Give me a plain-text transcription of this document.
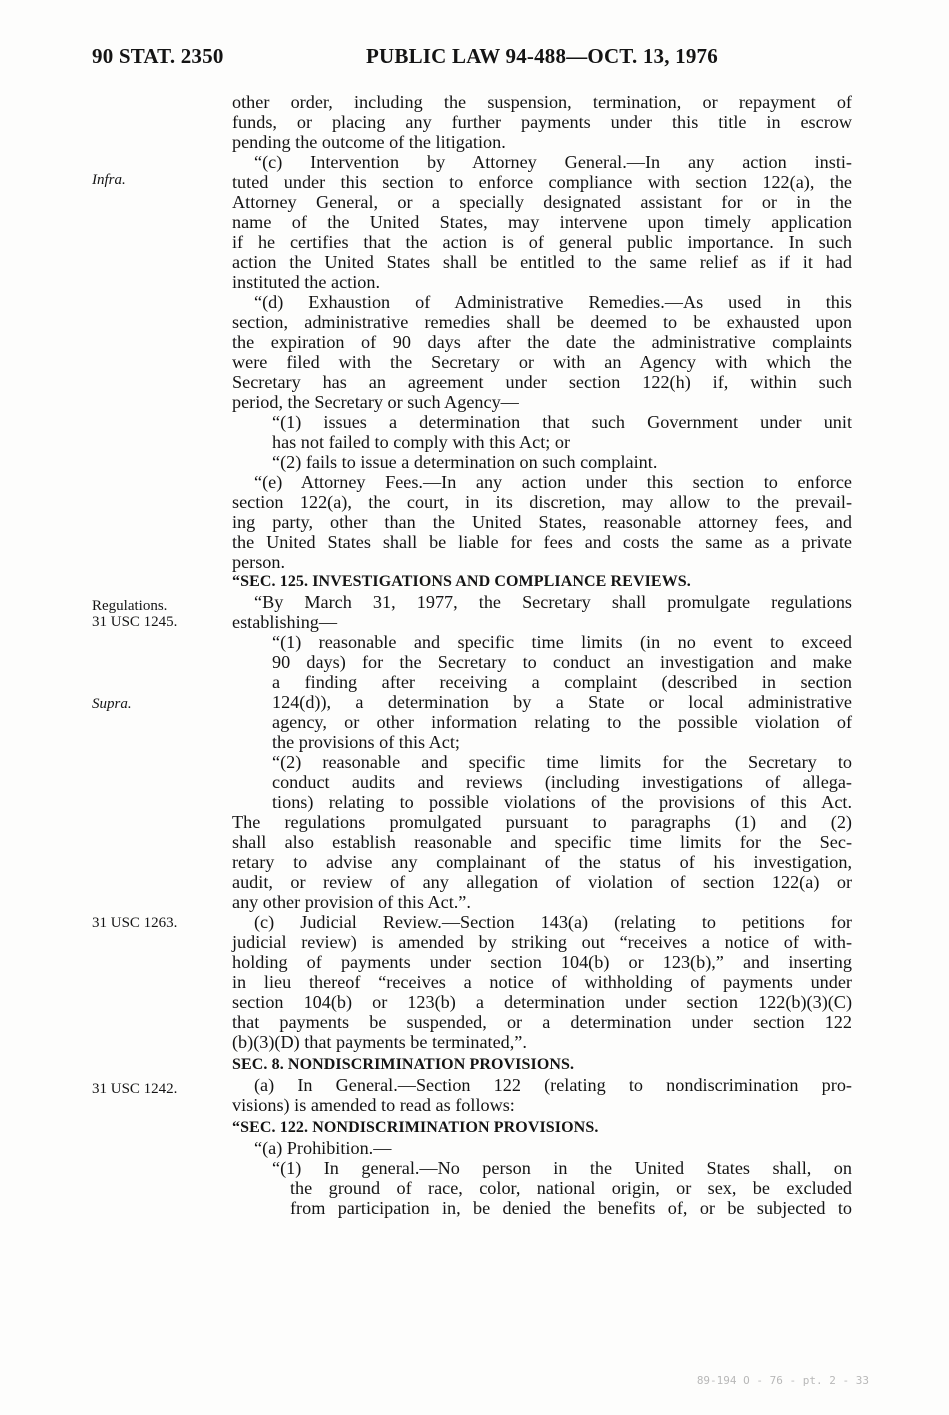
90 STAT. 2350	PUBLIC LAW 94-488—OCT. 13, 1976
Infra.
Regulations.
31 USC 1245.
Supra.
31 USC 1263.
31 USC 1242.
other order, including the suspension, termination, or repayment of
funds, or placing any further payments under this title in escrow
pending the outcome of the litigation.
“(c) Intervention by Attorney General.—In any action insti-
tuted under this section to enforce compliance with section 122(a), the
Attorney General, or a specially designated assistant for or in the
name of the United States, may intervene upon timely application
if he certifies that the action is of general public importance. In such
action the United States shall be entitled to the same relief as if it had
instituted the action.
“(d) Exhaustion of Administrative Remedies.—As used in this
section, administrative remedies shall be deemed to be exhausted upon
the expiration of 90 days after the date the administrative complaints
were filed with the Secretary or with an Agency with which the
Secretary has an agreement under section 122(h) if, within such
period, the Secretary or such Agency—
“(1) issues a determination that such Government under unit
has not failed to comply with this Act; or
“(2) fails to issue a determination on such complaint.
“(e) Attorney Fees.—In any action under this section to enforce
section 122(a), the court, in its discretion, may allow to the prevail-
ing party, other than the United States, reasonable attorney fees, and
the United States shall be liable for fees and costs the same as a private
person.
“SEC. 125. INVESTIGATIONS AND COMPLIANCE REVIEWS.
“By March 31, 1977, the Secretary shall promulgate regulations
establishing—
“(1) reasonable and specific time limits (in no event to exceed
90 days) for the Secretary to conduct an investigation and make
a finding after receiving a complaint (described in section
124(d)), a determination by a State or local administrative
agency, or other information relating to the possible violation of
the provisions of this Act;
“(2) reasonable and specific time limits for the Secretary to
conduct audits and reviews (including investigations of allega-
tions) relating to possible violations of the provisions of this Act.
The regulations promulgated pursuant to paragraphs (1) and (2)
shall also establish reasonable and specific time limits for the Sec-
retary to advise any complainant of the status of his investigation,
audit, or review of any allegation of violation of section 122(a) or
any other provision of this Act.”.
(c) Judicial Review.—Section 143(a) (relating to petitions for
judicial review) is amended by striking out “receives a notice of with-
holding of payments under section 104(b) or 123(b),” and inserting
in lieu thereof “receives a notice of withholding of payments under
section 104(b) or 123(b) a determination under section 122(b)(3)(C)
that payments be suspended, or a determination under section 122
(b)(3)(D) that payments be terminated,”.
SEC. 8. NONDISCRIMINATION PROVISIONS.
(a) In General.—Section 122 (relating to nondiscrimination pro-
visions) is amended to read as follows:
“SEC. 122. NONDISCRIMINATION PROVISIONS.
“(a) Prohibition.—
“(1) In general.—No person in the United States shall, on
the ground of race, color, national origin, or sex, be excluded
from participation in, be denied the benefits of, or be subjected to
89-194 O - 76 - pt. 2 - 33
